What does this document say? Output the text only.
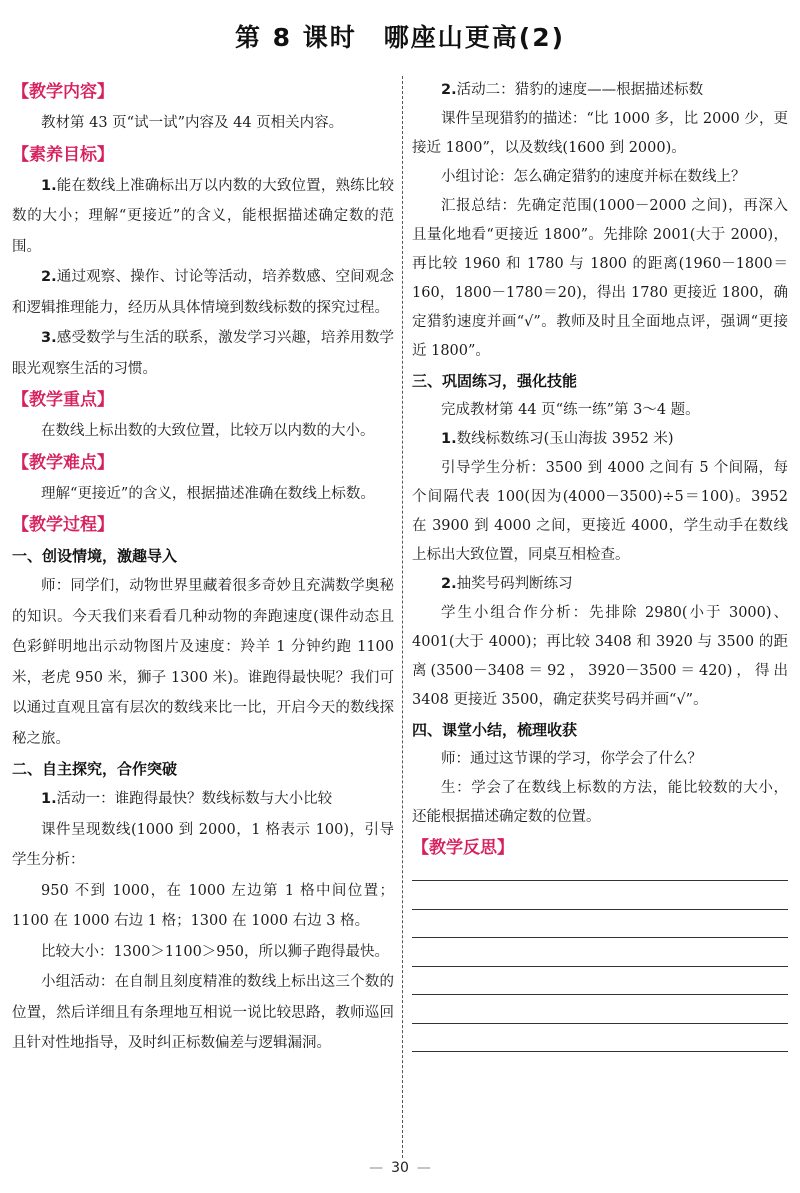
第 8 课时　哪座山更高(2)
【教学内容】

教材第 43 页“试一试”内容及 44 页相关内容。

【素养目标】

1.能在数线上准确标出万以内数的大致位置，熟练比较数的大小；理解“更接近”的含义，能根据描述确定数的范围。

2.通过观察、操作、讨论等活动，培养数感、空间观念和逻辑推理能力，经历从具体情境到数线标数的探究过程。

3.感受数学与生活的联系，激发学习兴趣，培养用数学眼光观察生活的习惯。

【教学重点】

在数线上标出数的大致位置，比较万以内数的大小。

【教学难点】

理解“更接近”的含义，根据描述准确在数线上标数。

【教学过程】
一、创设情境，激趣导入

师：同学们，动物世界里藏着很多奇妙且充满数学奥秘的知识。今天我们来看看几种动物的奔跑速度(课件动态且色彩鲜明地出示动物图片及速度：羚羊 1 分钟约跑 1100 米，老虎 950 米，狮子 1300 米)。谁跑得最快呢？我们可以通过直观且富有层次的数线来比一比，开启今天的数线探秘之旅。

二、自主探究，合作突破

1.活动一：谁跑得最快？数线标数与大小比较

课件呈现数线(1000 到 2000，1 格表示 100)，引导学生分析：

950 不到 1000，在 1000 左边第 1 格中间位置；1100 在 1000 右边 1 格；1300 在 1000 右边 3 格。

比较大小：1300＞1100＞950，所以狮子跑得最快。

小组活动：在自制且刻度精准的数线上标出这三个数的位置，然后详细且有条理地互相说一说比较思路，教师巡回且针对性地指导，及时纠正标数偏差与逻辑漏洞。

2.活动二：猎豹的速度——根据描述标数

课件呈现猎豹的描述：“比 1000 多，比 2000 少，更接近 1800”，以及数线(1600 到 2000)。

小组讨论：怎么确定猎豹的速度并标在数线上？

汇报总结：先确定范围(1000－2000 之间)，再深入且量化地看“更接近 1800”。先排除 2001(大于 2000)，再比较 1960 和 1780 与 1800 的距离(1960－1800＝160，1800－1780＝20)，得出 1780 更接近 1800，确定猎豹速度并画“√”。教师及时且全面地点评，强调“更接近 1800”。

三、巩固练习，强化技能

完成教材第 44 页“练一练”第 3～4 题。

1.数线标数练习(玉山海拔 3952 米)

引导学生分析：3500 到 4000 之间有 5 个间隔，每个间隔代表 100(因为(4000－3500)÷5＝100)。3952 在 3900 到 4000 之间，更接近 4000，学生动手在数线上标出大致位置，同桌互相检查。

2.抽奖号码判断练习

学生小组合作分析：先排除 2980(小于 3000)、4001(大于 4000)；再比较 3408 和 3920 与 3500 的距离(3500－3408＝92，3920－3500＝420)，得出 3408 更接近 3500，确定获奖号码并画“√”。

四、课堂小结，梳理收获

师：通过这节课的学习，你学会了什么？

生：学会了在数线上标数的方法，能比较数的大小，还能根据描述确定数的位置。

【教学反思】
— 30 —
